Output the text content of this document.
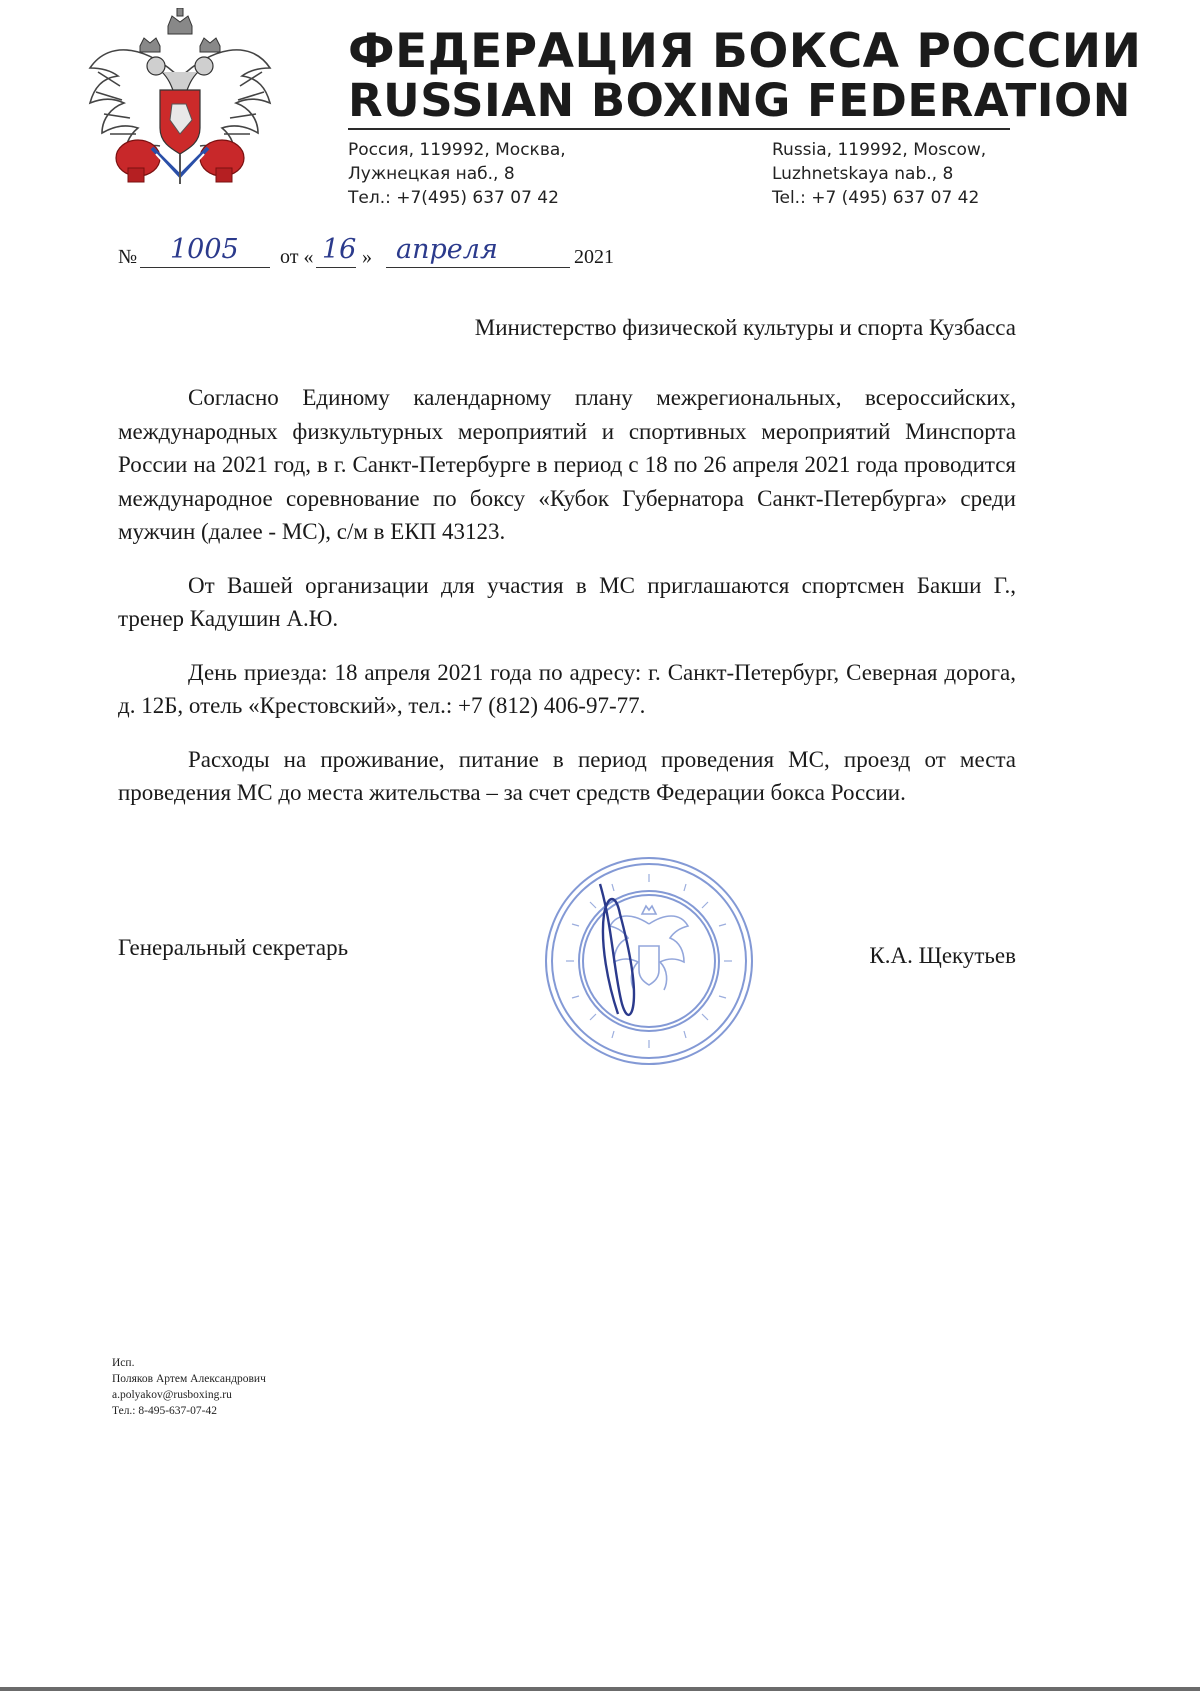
ФЕДЕРАЦИЯ БОКСА РОССИИ
RUSSIAN BOXING FEDERATION
Россия, 119992, Москва,
Лужнецкая наб., 8
Тел.: +7(495) 637 07 42
Russia, 119992, Moscow,
Luzhnetskaya nab., 8
Tel.: +7 (495) 637 07 42
№ 1005 от « 16 » апреля	2021

Министерство физической культуры и спорта Кузбасса

Согласно Единому календарному плану межрегиональных, всероссийских, международных физкультурных мероприятий и спортивных мероприятий Минспорта России на 2021 год, в г. Санкт-Петербурге в период с 18 по 26 апреля 2021 года проводится международное соревнование по боксу «Кубок Губернатора Санкт-Петербурга» среди мужчин (далее - МС), с/м в ЕКП 43123.

От Вашей организации для участия в МС приглашаются спортсмен Бакши Г., тренер Кадушин А.Ю.

День приезда: 18 апреля 2021 года по адресу: г. Санкт-Петербург, Северная дорога, д. 12Б, отель «Крестовский», тел.: +7 (812) 406-97-77.

Расходы на проживание, питание в период проведения МС, проезд от места проведения МС до места жительства – за счет средств Федерации бокса России.

Генеральный секретарь	К.А. Щекутьев

Исп.
Поляков Артем Александрович
a.polyakov@rusboxing.ru
Тел.: 8-495-637-07-42
